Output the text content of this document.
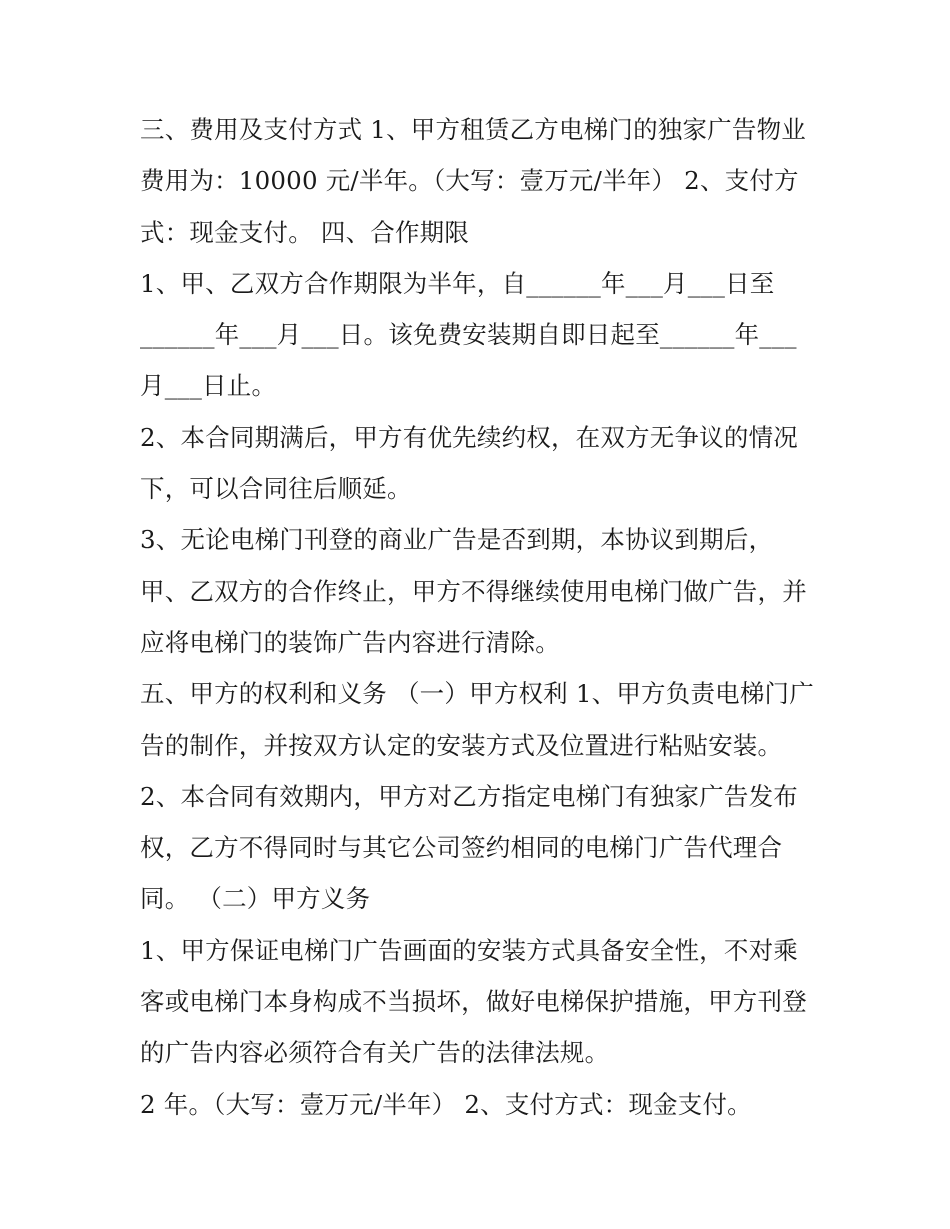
三、费用及支付方式 1、甲方租赁乙方电梯门的独家广告物业
费用为：10000 元/半年。（大写：壹万元/半年） 2、支付方
式：现金支付。 四、合作期限
1、甲、乙双方合作期限为半年，自______年___月___日至
______年___月___日。该免费安装期自即日起至______年___
月___日止。
2、本合同期满后，甲方有优先续约权，在双方无争议的情况
下，可以合同往后顺延。
3、无论电梯门刊登的商业广告是否到期，本协议到期后，
甲、乙双方的合作终止，甲方不得继续使用电梯门做广告，并
应将电梯门的装饰广告内容进行清除。
五、甲方的权利和义务 （一）甲方权利 1、甲方负责电梯门广
告的制作，并按双方认定的安装方式及位置进行粘贴安装。
2、本合同有效期内，甲方对乙方指定电梯门有独家广告发布
权，乙方不得同时与其它公司签约相同的电梯门广告代理合
同。 （二）甲方义务
1、甲方保证电梯门广告画面的安装方式具备安全性，不对乘
客或电梯门本身构成不当损坏，做好电梯保护措施，甲方刊登
的广告内容必须符合有关广告的法律法规。
2 年。（大写：壹万元/半年） 2、支付方式：现金支付。
